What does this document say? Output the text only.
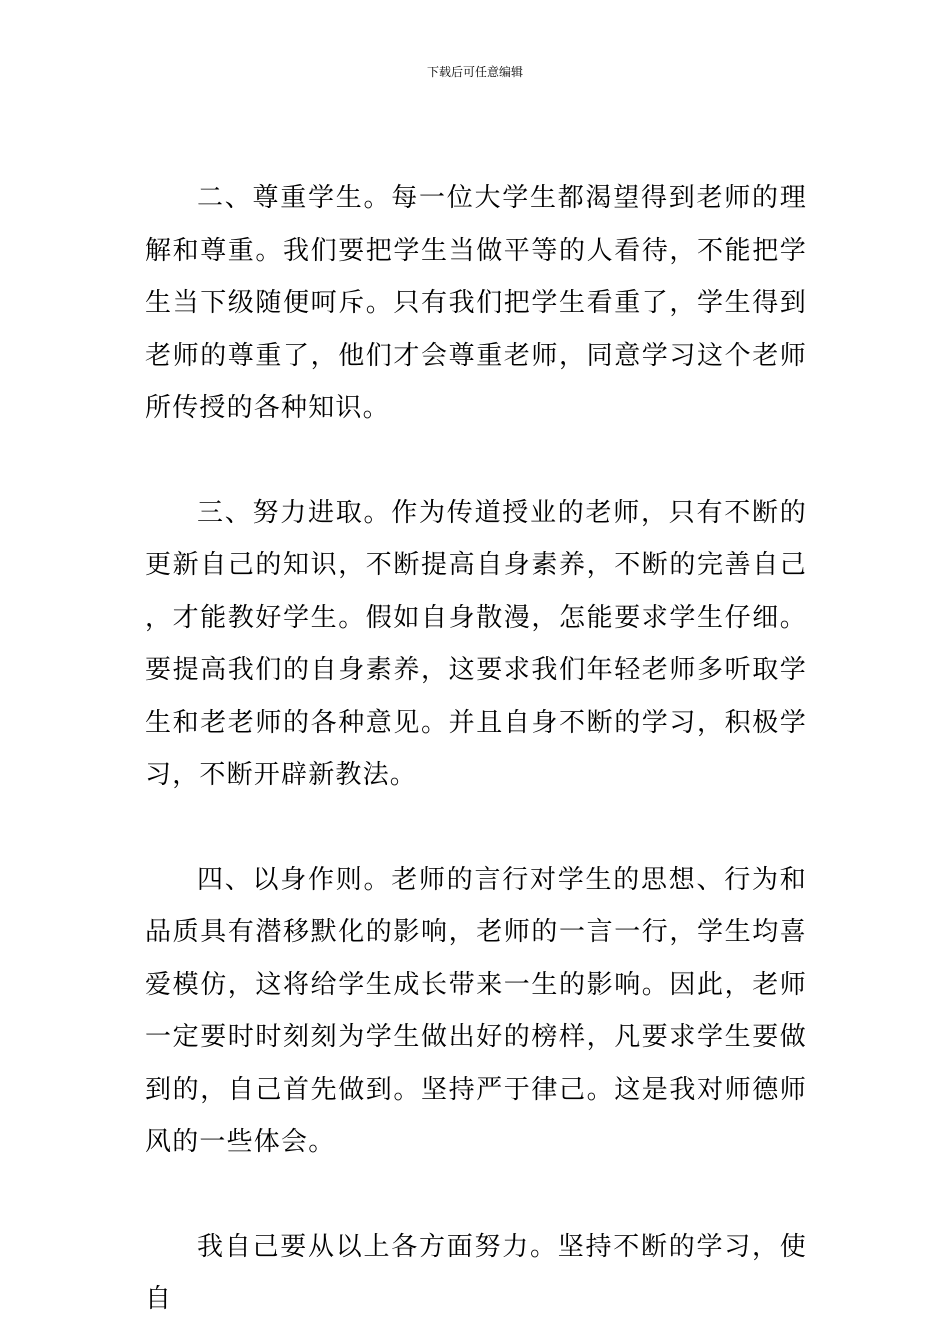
下载后可任意编辑

二、尊重学生。每一位大学生都渴望得到老师的理解和尊重。我们要把学生当做平等的人看待，不能把学生当下级随便呵斥。只有我们把学生看重了，学生得到老师的尊重了，他们才会尊重老师，同意学习这个老师所传授的各种知识。

三、努力进取。作为传道授业的老师，只有不断的更新自己的知识，不断提高自身素养，不断的完善自己，才能教好学生。假如自身散漫，怎能要求学生仔细。要提高我们的自身素养，这要求我们年轻老师多听取学生和老老师的各种意见。并且自身不断的学习，积极学习，不断开辟新教法。

四、以身作则。老师的言行对学生的思想、行为和品质具有潜移默化的影响，老师的一言一行，学生均喜爱模仿，这将给学生成长带来一生的影响。因此，老师一定要时时刻刻为学生做出好的榜样，凡要求学生要做到的，自己首先做到。坚持严于律己。这是我对师德师风的一些体会。

我自己要从以上各方面努力。坚持不断的学习，使自
